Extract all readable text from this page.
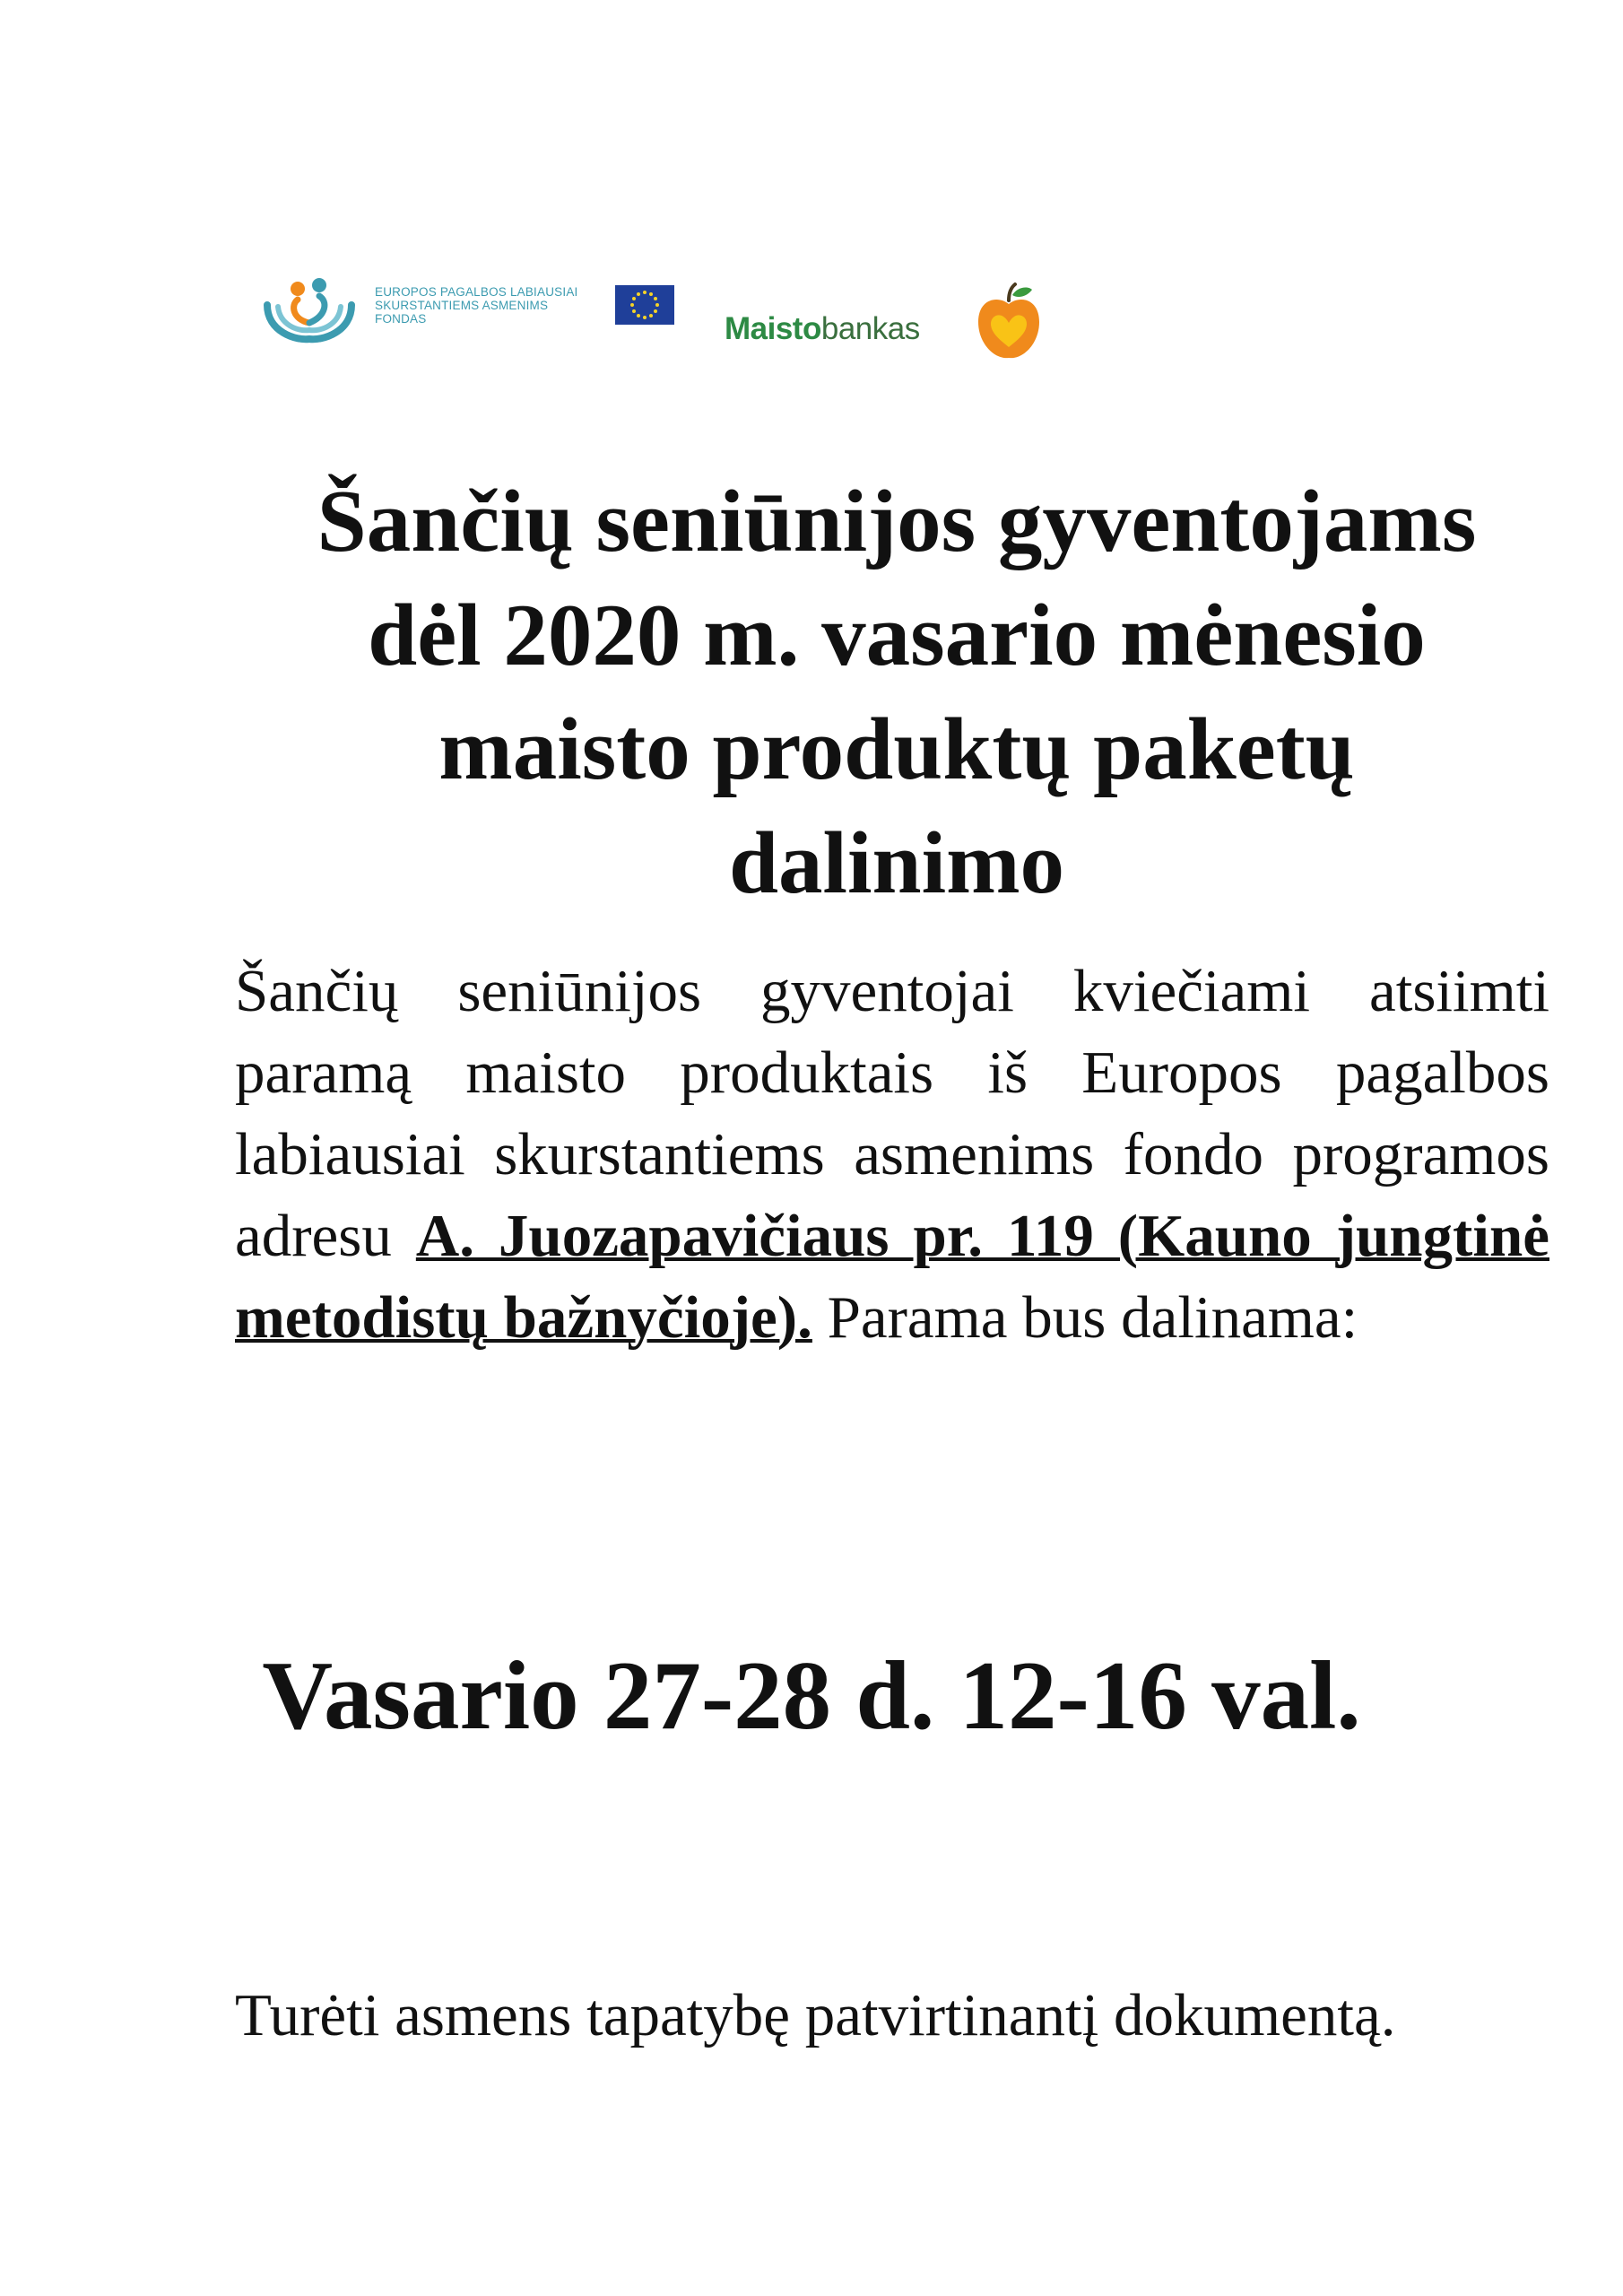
EUROPOS PAGALBOS LABIAUSIAI
SKURSTANTIEMS ASMENIMS
FONDAS	Maistobankas
Šančių seniūnijos gyventojams
dėl 2020 m. vasario mėnesio
maisto produktų paketų
dalinimo

Šančių seniūnijos gyventojai kviečiami atsiimti paramą maisto produktais iš Europos pagalbos labiausiai skurstantiems asmenims fondo programos adresu A. Juozapavičiaus pr. 119 (Kauno jungtinė metodistų bažnyčioje). Parama bus dalinama:

Vasario 27-28 d. 12-16 val.

Turėti asmens tapatybę patvirtinantį dokumentą.
